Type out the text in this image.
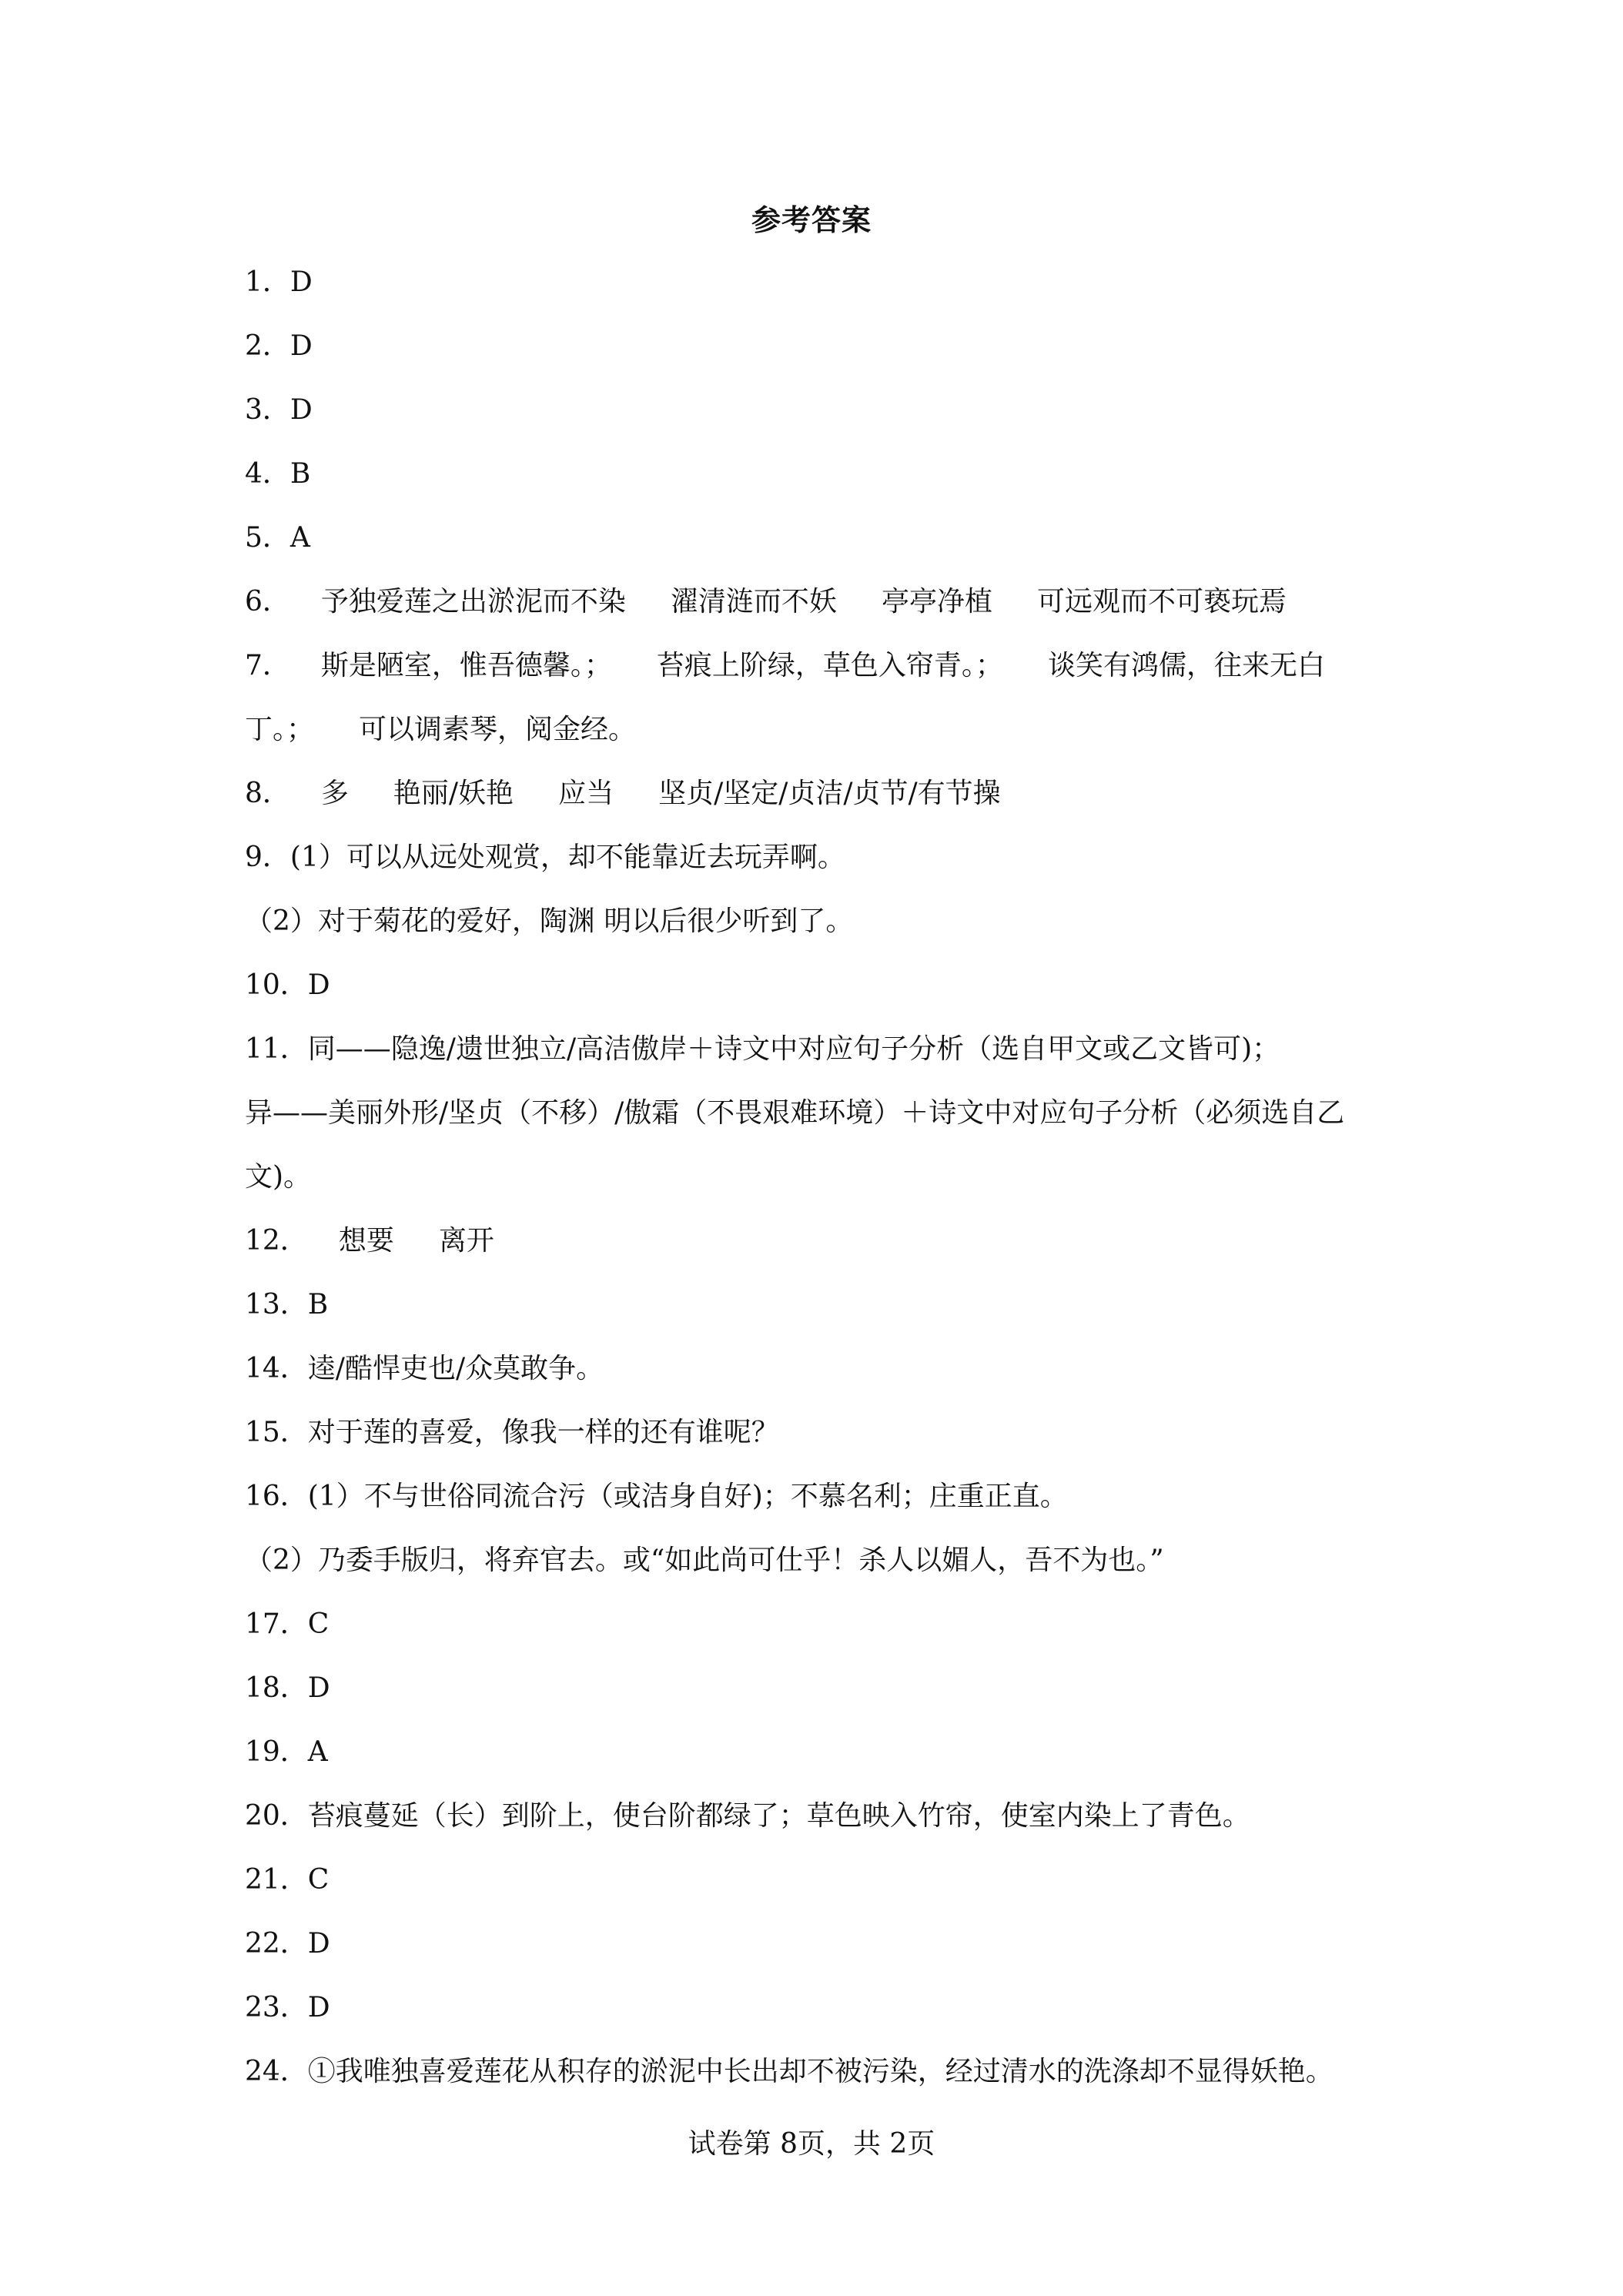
参考答案
1．D
2．D
3．D
4．B
5．A
6． 予独爱莲之出淤泥而不染 濯清涟而不妖 亭亭净植 可远观而不可亵玩焉
7． 斯是陋室，惟吾德馨。； 苔痕上阶绿，草色入帘青。； 谈笑有鸿儒，往来无白
丁。； 可以调素琴，阅金经。
8． 多 艳丽/妖艳 应当 坚贞/坚定/贞洁/贞节/有节操
9．(1）可以从远处观赏，却不能靠近去玩弄啊。
（2）对于菊花的爱好，陶渊 明以后很少听到了。
10．D
11．同——隐逸/遗世独立/高洁傲岸＋诗文中对应句子分析（选自甲文或乙文皆可)；
异——美丽外形/坚贞（不移）/傲霜（不畏艰难环境）＋诗文中对应句子分析（必须选自乙
文)。
12． 想要 离开
13．B
14．逵/酷悍吏也/众莫敢争。
15．对于莲的喜爱，像我一样的还有谁呢？
16．(1）不与世俗同流合污（或洁身自好)；不慕名利；庄重正直。
（2）乃委手版归，将弃官去。或“如此尚可仕乎！杀人以媚人，吾不为也。”
17．C
18．D
19．A
20．苔痕蔓延（长）到阶上，使台阶都绿了；草色映入竹帘，使室内染上了青色。
21．C
22．D
23．D
24．①我唯独喜爱莲花从积存的淤泥中长出却不被污染，经过清水的洗涤却不显得妖艳。
试卷第 8页，共 2页
